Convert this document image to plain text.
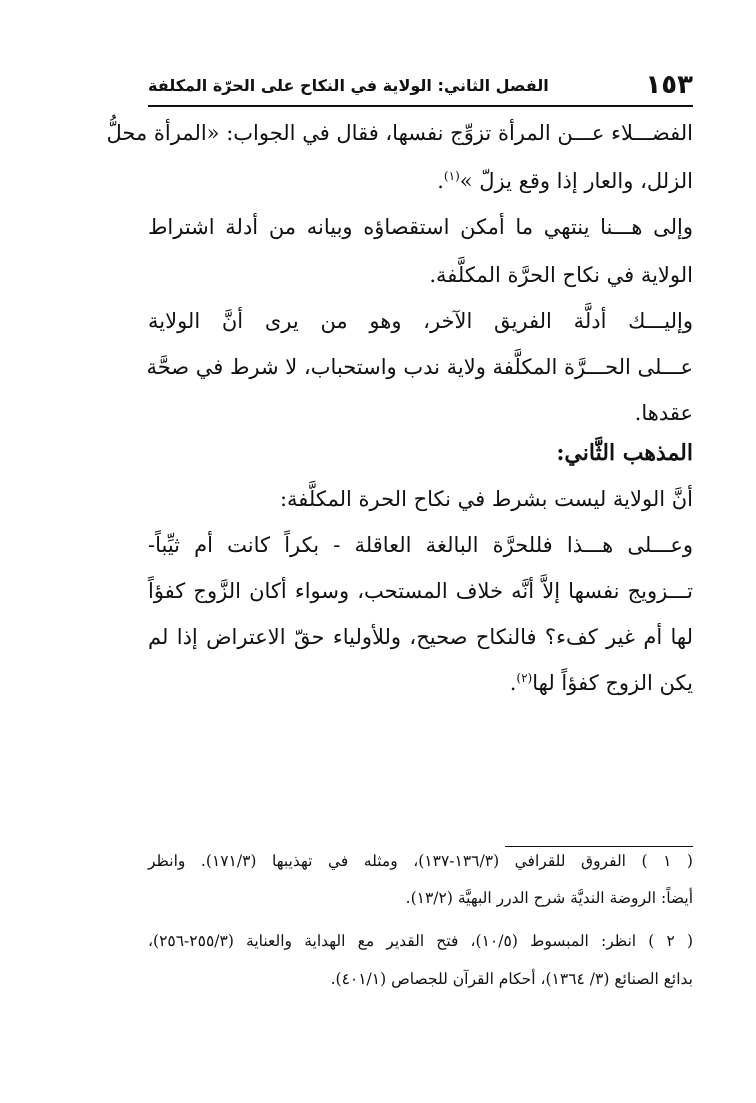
١٥٣
الفصل الثاني: الولاية في النكاح على الحرّة المكلفة
الفضـــلاء عـــن المرأة تزوِّج نفسها، فقال في الجواب: «المرأة محلُّ
الزلل، والعار إذا وقع يزلّ »$^{(١)}$.
وإلى هـــنا ينتهي ما أمكن استقصاؤه وبيانه من أدلة اشتراط
الولاية في نكاح الحرَّة المكلَّفة.
وإليـــك أدلَّة الفريق الآخر، وهو من يرى أنَّ الولاية
عـــلى الحـــرَّة المكلَّفة ولاية ندب واستحباب، لا شرط في صحَّة
عقدها.
المذهب الثَّاني:
أنَّ الولاية ليست بشرط في نكاح الحرة المكلَّفة:
وعـــلى هـــذا فللحرَّة البالغة العاقلة - بكراً كانت أم ثيِّباً-
تـــزويج نفسها إلاَّ أنَّه خلاف المستحب، وسواء أكان الزَّوج كفؤاً
لها أم غير كفء؟ فالنكاح صحيح، وللأولياء حقّ الاعتراض إذا لم
يكن الزوج كفؤاً لها$^{(٢)}$.
( ١ ) الفروق للقرافي (١٣٦/٣-١٣٧)، ومثله في تهذيبها (١٧١/٣). وانظر
أيضاً: الروضة النديَّة شرح الدرر البهيَّة (١٣/٢).
( ٢ ) انظر: المبسوط (١٠/٥)، فتح القدير مع الهداية والعناية (٢٥٥/٣-٢٥٦)،
بدائع الصنائع (٣/ ١٣٦٤)، أحكام القرآن للجصاص (٤٠١/١).
